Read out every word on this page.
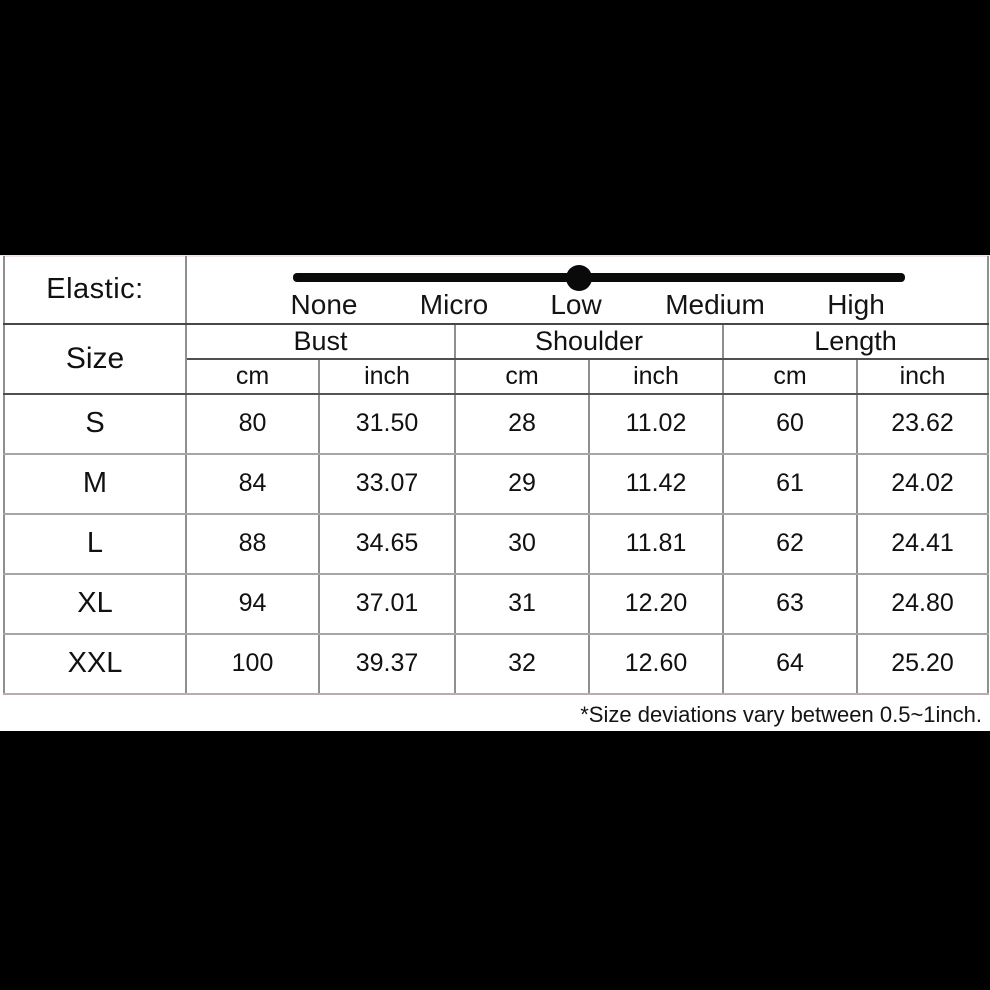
Elastic:	None Micro Low Medium High					

Size	Bust		Shoulder		Length	
	cm	inch	cm	inch	cm	inch
S	80	31.50	28	11.02	60	23.62
M	84	33.07	29	11.42	61	24.02
L	88	34.65	30	11.81	62	24.41
XL	94	37.01	31	12.20	63	24.80
XXL	100	39.37	32	12.60	64	25.20
*Size deviations vary between 0.5~1inch.
